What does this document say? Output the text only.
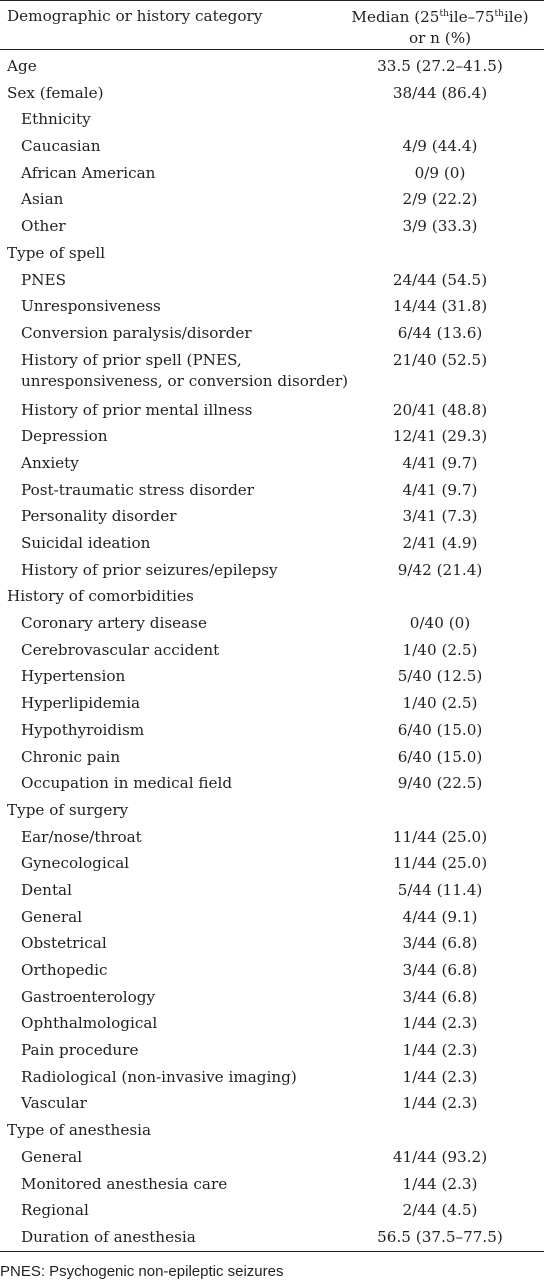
Demographic or history category	Median (25thile–75thile)
or n (%)
Age	33.5 (27.2–41.5)
Sex (female)	38/44 (86.4)
Ethnicity
Caucasian	4/9 (44.4)
African American	0/9 (0)
Asian	2/9 (22.2)
Other	3/9 (33.3)
Type of spell
PNES	24/44 (54.5)
Unresponsiveness	14/44 (31.8)
Conversion paralysis/disorder	6/44 (13.6)
History of prior spell (PNES,
unresponsiveness, or conversion disorder)
21/40 (52.5)
History of prior mental illness	20/41 (48.8)
Depression	12/41 (29.3)
Anxiety	4/41 (9.7)
Post-traumatic stress disorder	4/41 (9.7)
Personality disorder	3/41 (7.3)
Suicidal ideation	2/41 (4.9)
History of prior seizures/epilepsy	9/42 (21.4)
History of comorbidities
Coronary artery disease	0/40 (0)
Cerebrovascular accident	1/40 (2.5)
Hypertension	5/40 (12.5)
Hyperlipidemia	1/40 (2.5)
Hypothyroidism	6/40 (15.0)
Chronic pain	6/40 (15.0)
Occupation in medical field	9/40 (22.5)
Type of surgery
Ear/nose/throat	11/44 (25.0)
Gynecological	11/44 (25.0)
Dental	5/44 (11.4)
General	4/44 (9.1)
Obstetrical	3/44 (6.8)
Orthopedic	3/44 (6.8)
Gastroenterology	3/44 (6.8)
Ophthalmological	1/44 (2.3)
Pain procedure	1/44 (2.3)
Radiological (non-invasive imaging)	1/44 (2.3)
Vascular	1/44 (2.3)
Type of anesthesia
General	41/44 (93.2)
Monitored anesthesia care	1/44 (2.3)
Regional	2/44 (4.5)
Duration of anesthesia	56.5 (37.5–77.5)
PNES: Psychogenic non-epileptic seizures
